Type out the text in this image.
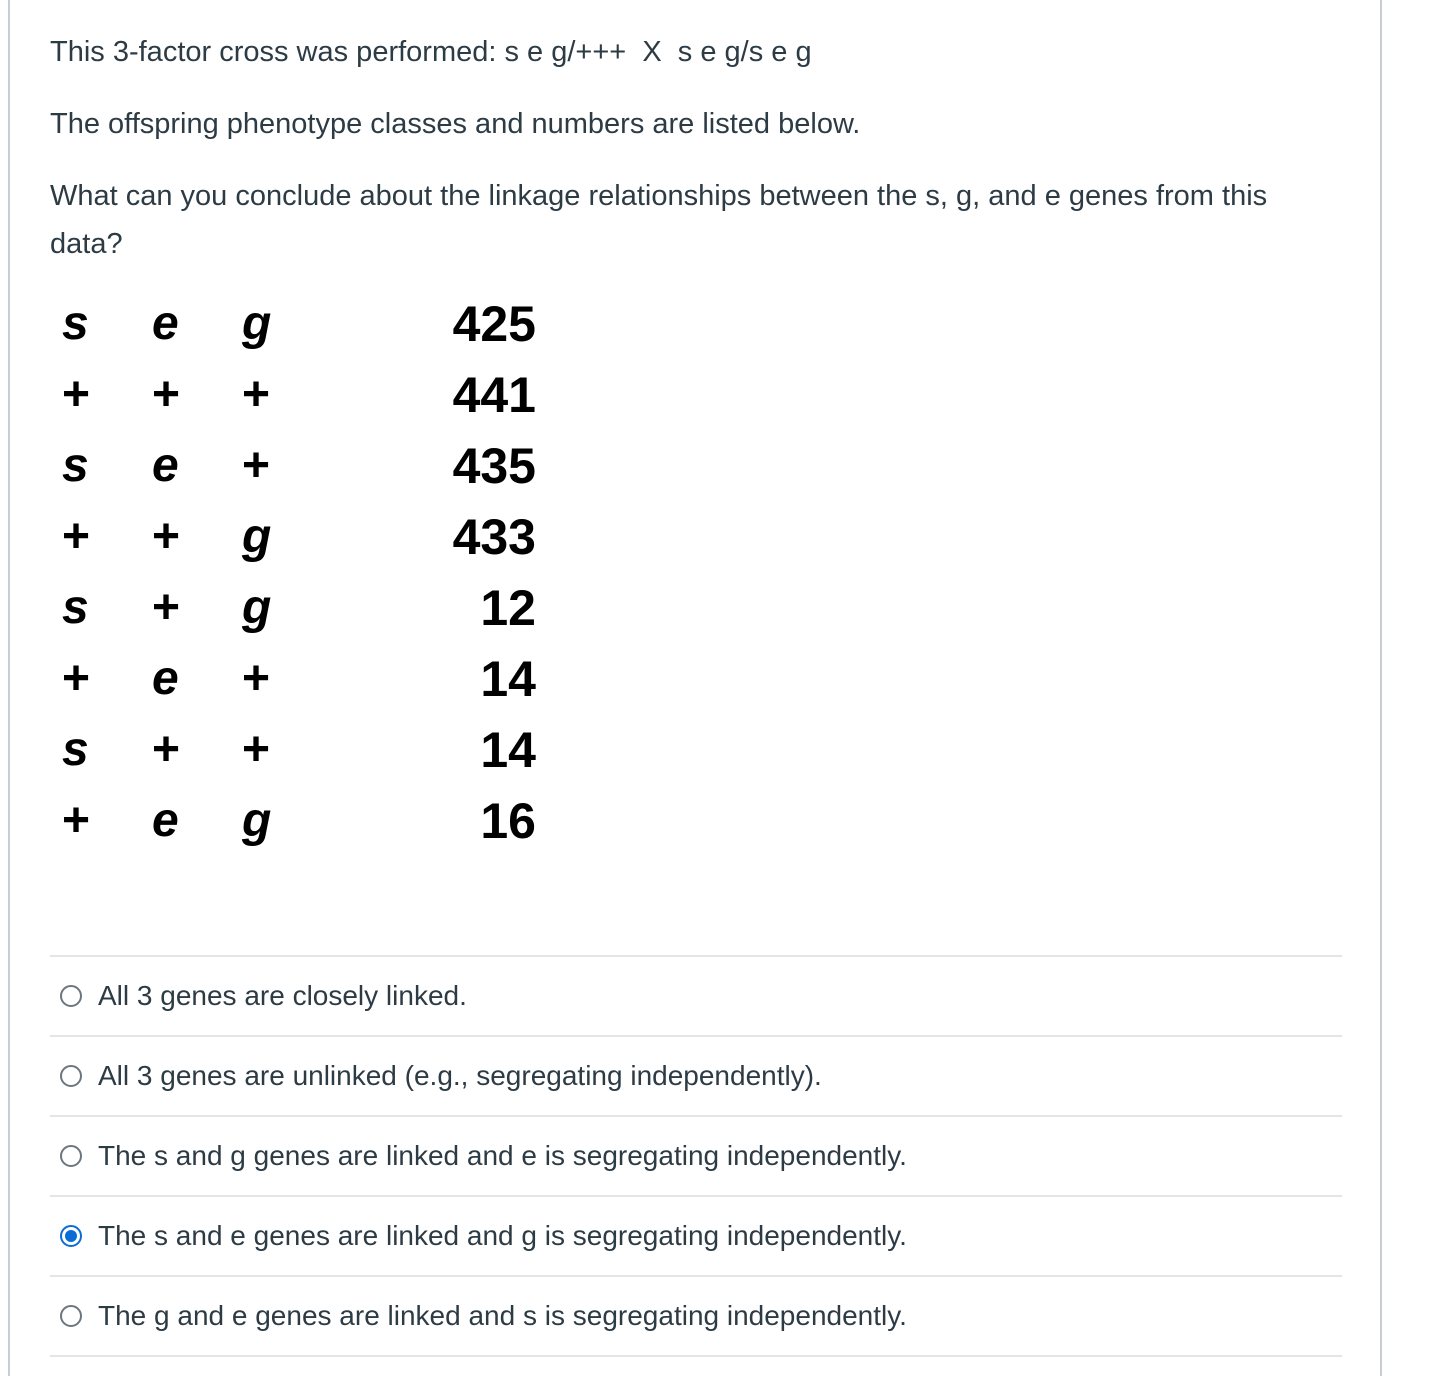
This 3-factor cross was performed: s e g/+++  X  s e g/s e g

The offspring phenotype classes and numbers are listed below.

What can you conclude about the linkage relationships between the s, g, and e genes from this data?

s	e	g	425
+	+	+	441
s	e	+	435
+	+	g	433
s	+	g	12
+	e	+	14
s	+	+	14
+	e	g	16
All 3 genes are closely linked.
All 3 genes are unlinked (e.g., segregating independently).
The s and g genes are linked and e is segregating independently.
The s and e genes are linked and g is segregating independently.
The g and e genes are linked and s is segregating independently.
